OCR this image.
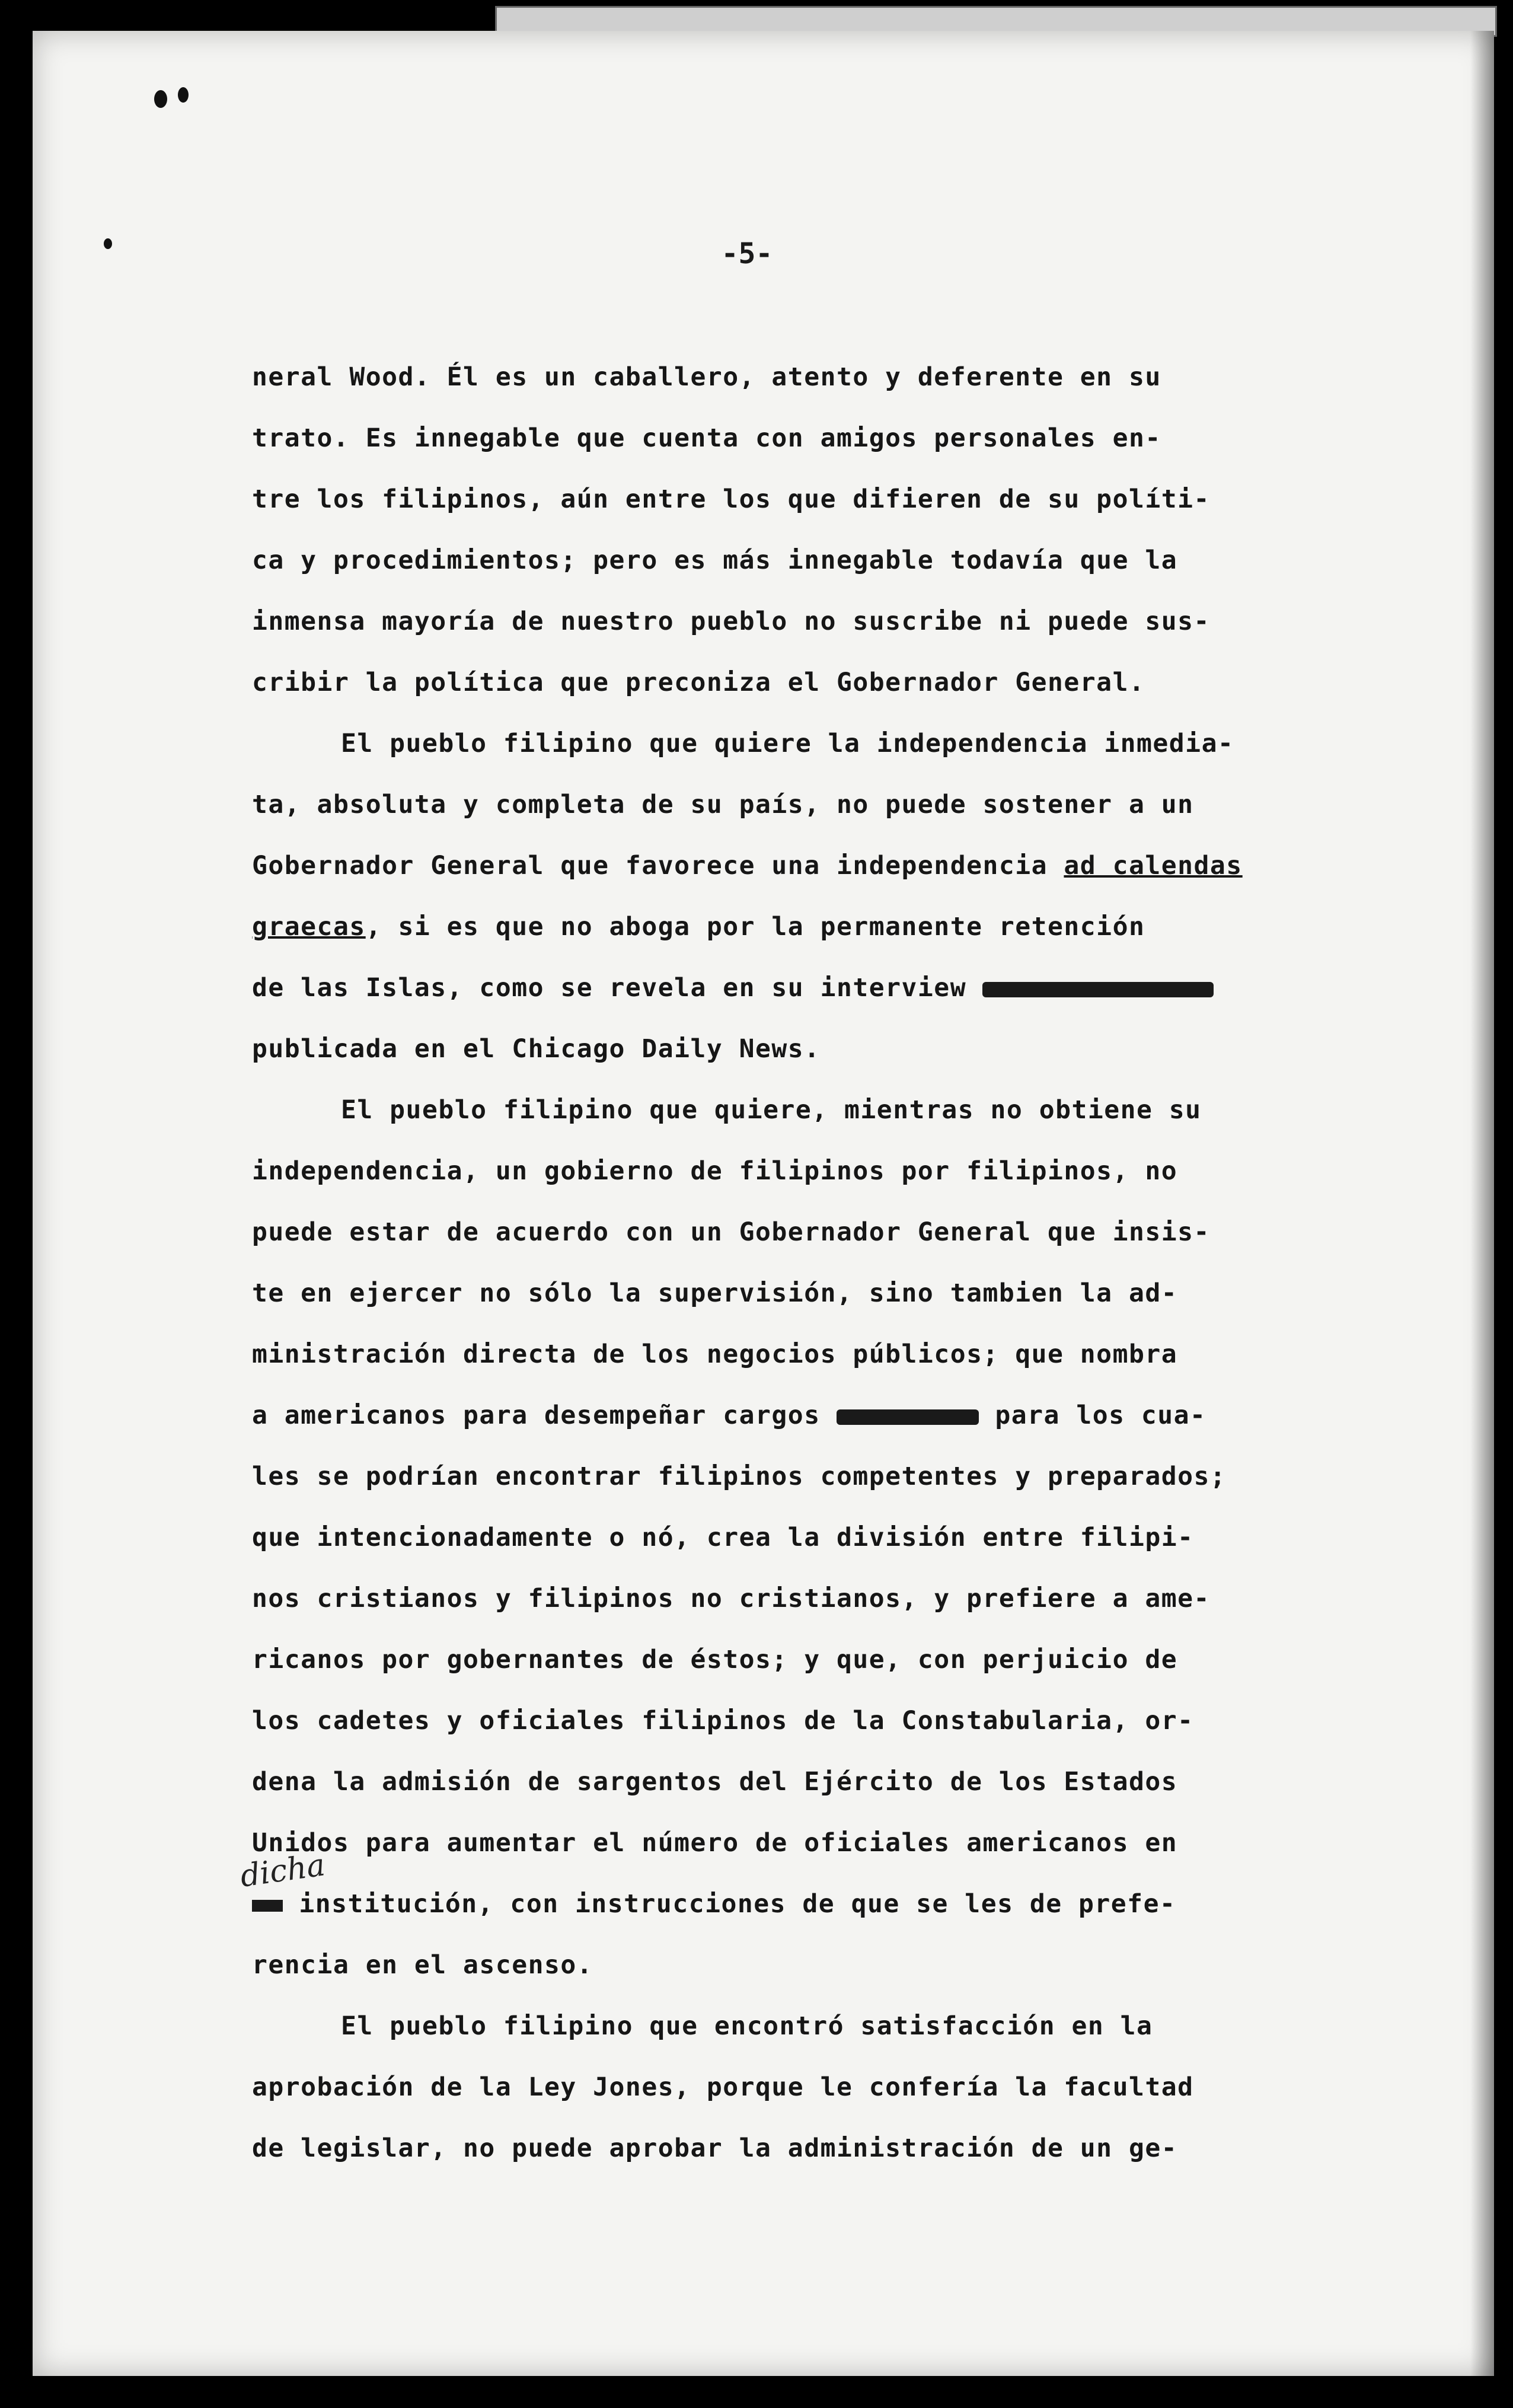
-5-
neral Wood. Él es un caballero, atento y deferente en su
trato. Es innegable que cuenta con amigos personales en-
tre los filipinos, aún entre los que difieren de su políti-
ca y procedimientos; pero es más innegable todavía que la
inmensa mayoría de nuestro pueblo no suscribe ni puede sus-
cribir la política que preconiza el Gobernador General.
El pueblo filipino que quiere la independencia inmedia-
ta, absoluta y completa de su país, no puede sostener a un
Gobernador General que favorece una independencia ad calendas
graecas, si es que no aboga por la permanente retención
de las Islas, como se revela en su interview
publicada en el Chicago Daily News.
El pueblo filipino que quiere, mientras no obtiene su
independencia, un gobierno de filipinos por filipinos, no
puede estar de acuerdo con un Gobernador General que insis-
te en ejercer no sólo la supervisión, sino tambien la ad-
ministración directa de los negocios públicos; que nombra
a americanos para desempeñar cargos	para los cua-
les se podrían encontrar filipinos competentes y preparados;
que intencionadamente o nó, crea la división entre filipi-
nos cristianos y filipinos no cristianos, y prefiere a ame-
ricanos por gobernantes de éstos; y que, con perjuicio de
los cadetes y oficiales filipinos de la Constabularia, or-
dena la admisión de sargentos del Ejército de los Estados
Unidos para aumentar el número de oficiales americanos en
institución, con instrucciones de que se les de prefe-
rencia en el ascenso.
El pueblo filipino que encontró satisfacción en la
aprobación de la Ley Jones, porque le confería la facultad
de legislar, no puede aprobar la administración de un ge-
dicha
